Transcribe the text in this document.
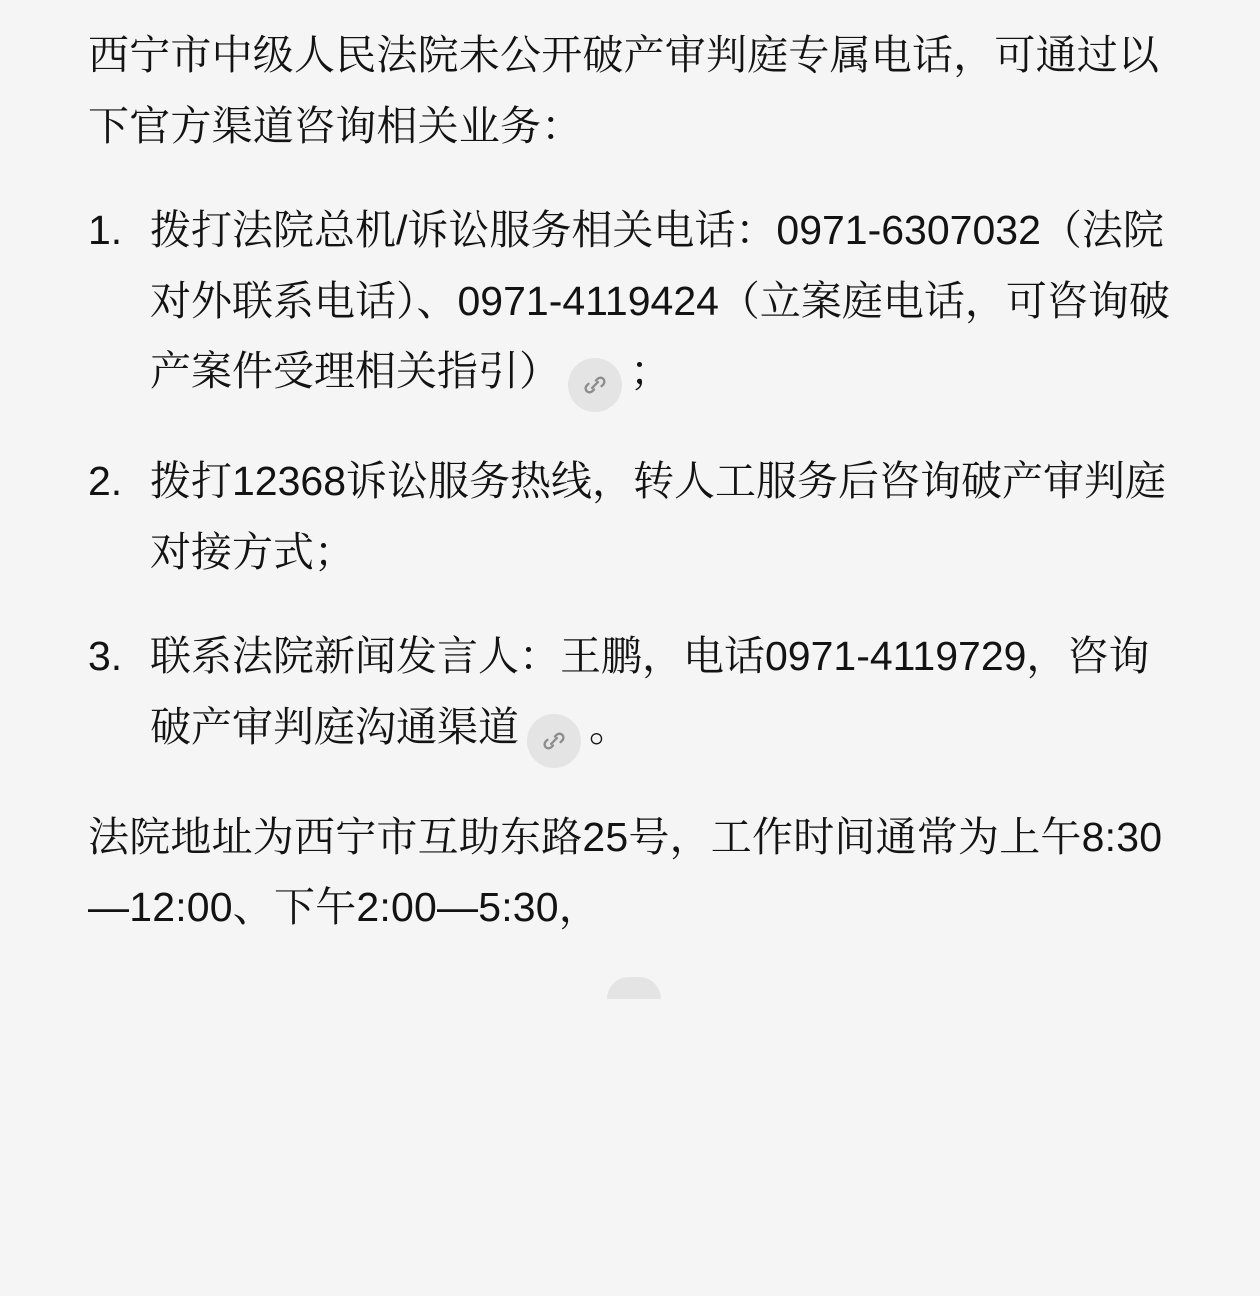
西宁市中级人民法院未公开破产审判庭专属电话，可通过以下官方渠道咨询相关业务：

1. 拨打法院总机/诉讼服务相关电话：0971-6307032（法院对外联系电话）、0971-4119424（立案庭电话，可咨询破产案件受理相关指引） ；
2. 拨打12368诉讼服务热线，转人工服务后咨询破产审判庭对接方式；
3. 联系法院新闻发言人：王鹏，电话0971-4119729，咨询破产审判庭沟通渠道 。

法院地址为西宁市互助东路25号，工作时间通常为上午8:30—12:00、下午2:00—5:30，
